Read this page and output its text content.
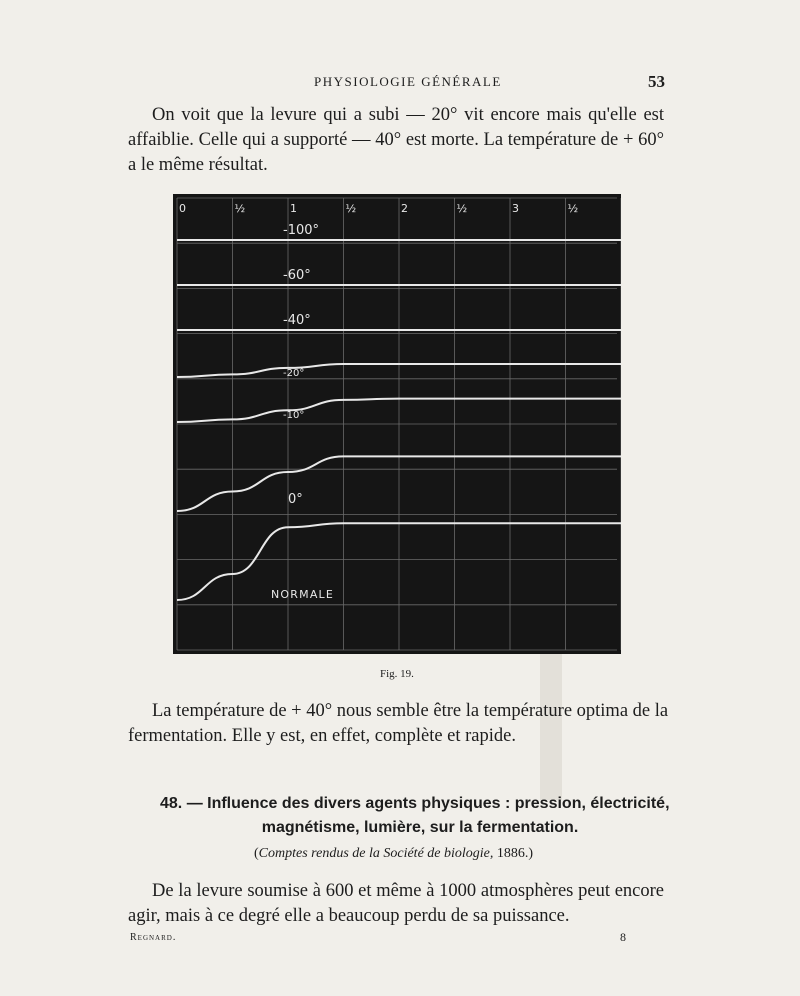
PHYSIOLOGIE GÉNÉRALE	53
On voit que la levure qui a subi — 20° vit encore mais qu'elle est
affaiblie. Celle qui a supporté — 40° est morte. La température de + 60°
a le même résultat.
0	½	1	½	2	½	3	½
-100°
-60°
-40°
-20°
-10°
0°
NORMALE
Fig. 19.
La température de + 40° nous semble être la température optima de la
fermentation. Elle y est, en effet, complète et rapide.
48. — Influence des divers agents physiques : pression, électricité,
magnétisme, lumière, sur la fermentation.
(Comptes rendus de la Société de biologie, 1886.)
De la levure soumise à 600 et même à 1000 atmosphères peut encore
agir, mais à ce degré elle a beaucoup perdu de sa puissance.
Regnard.	8
